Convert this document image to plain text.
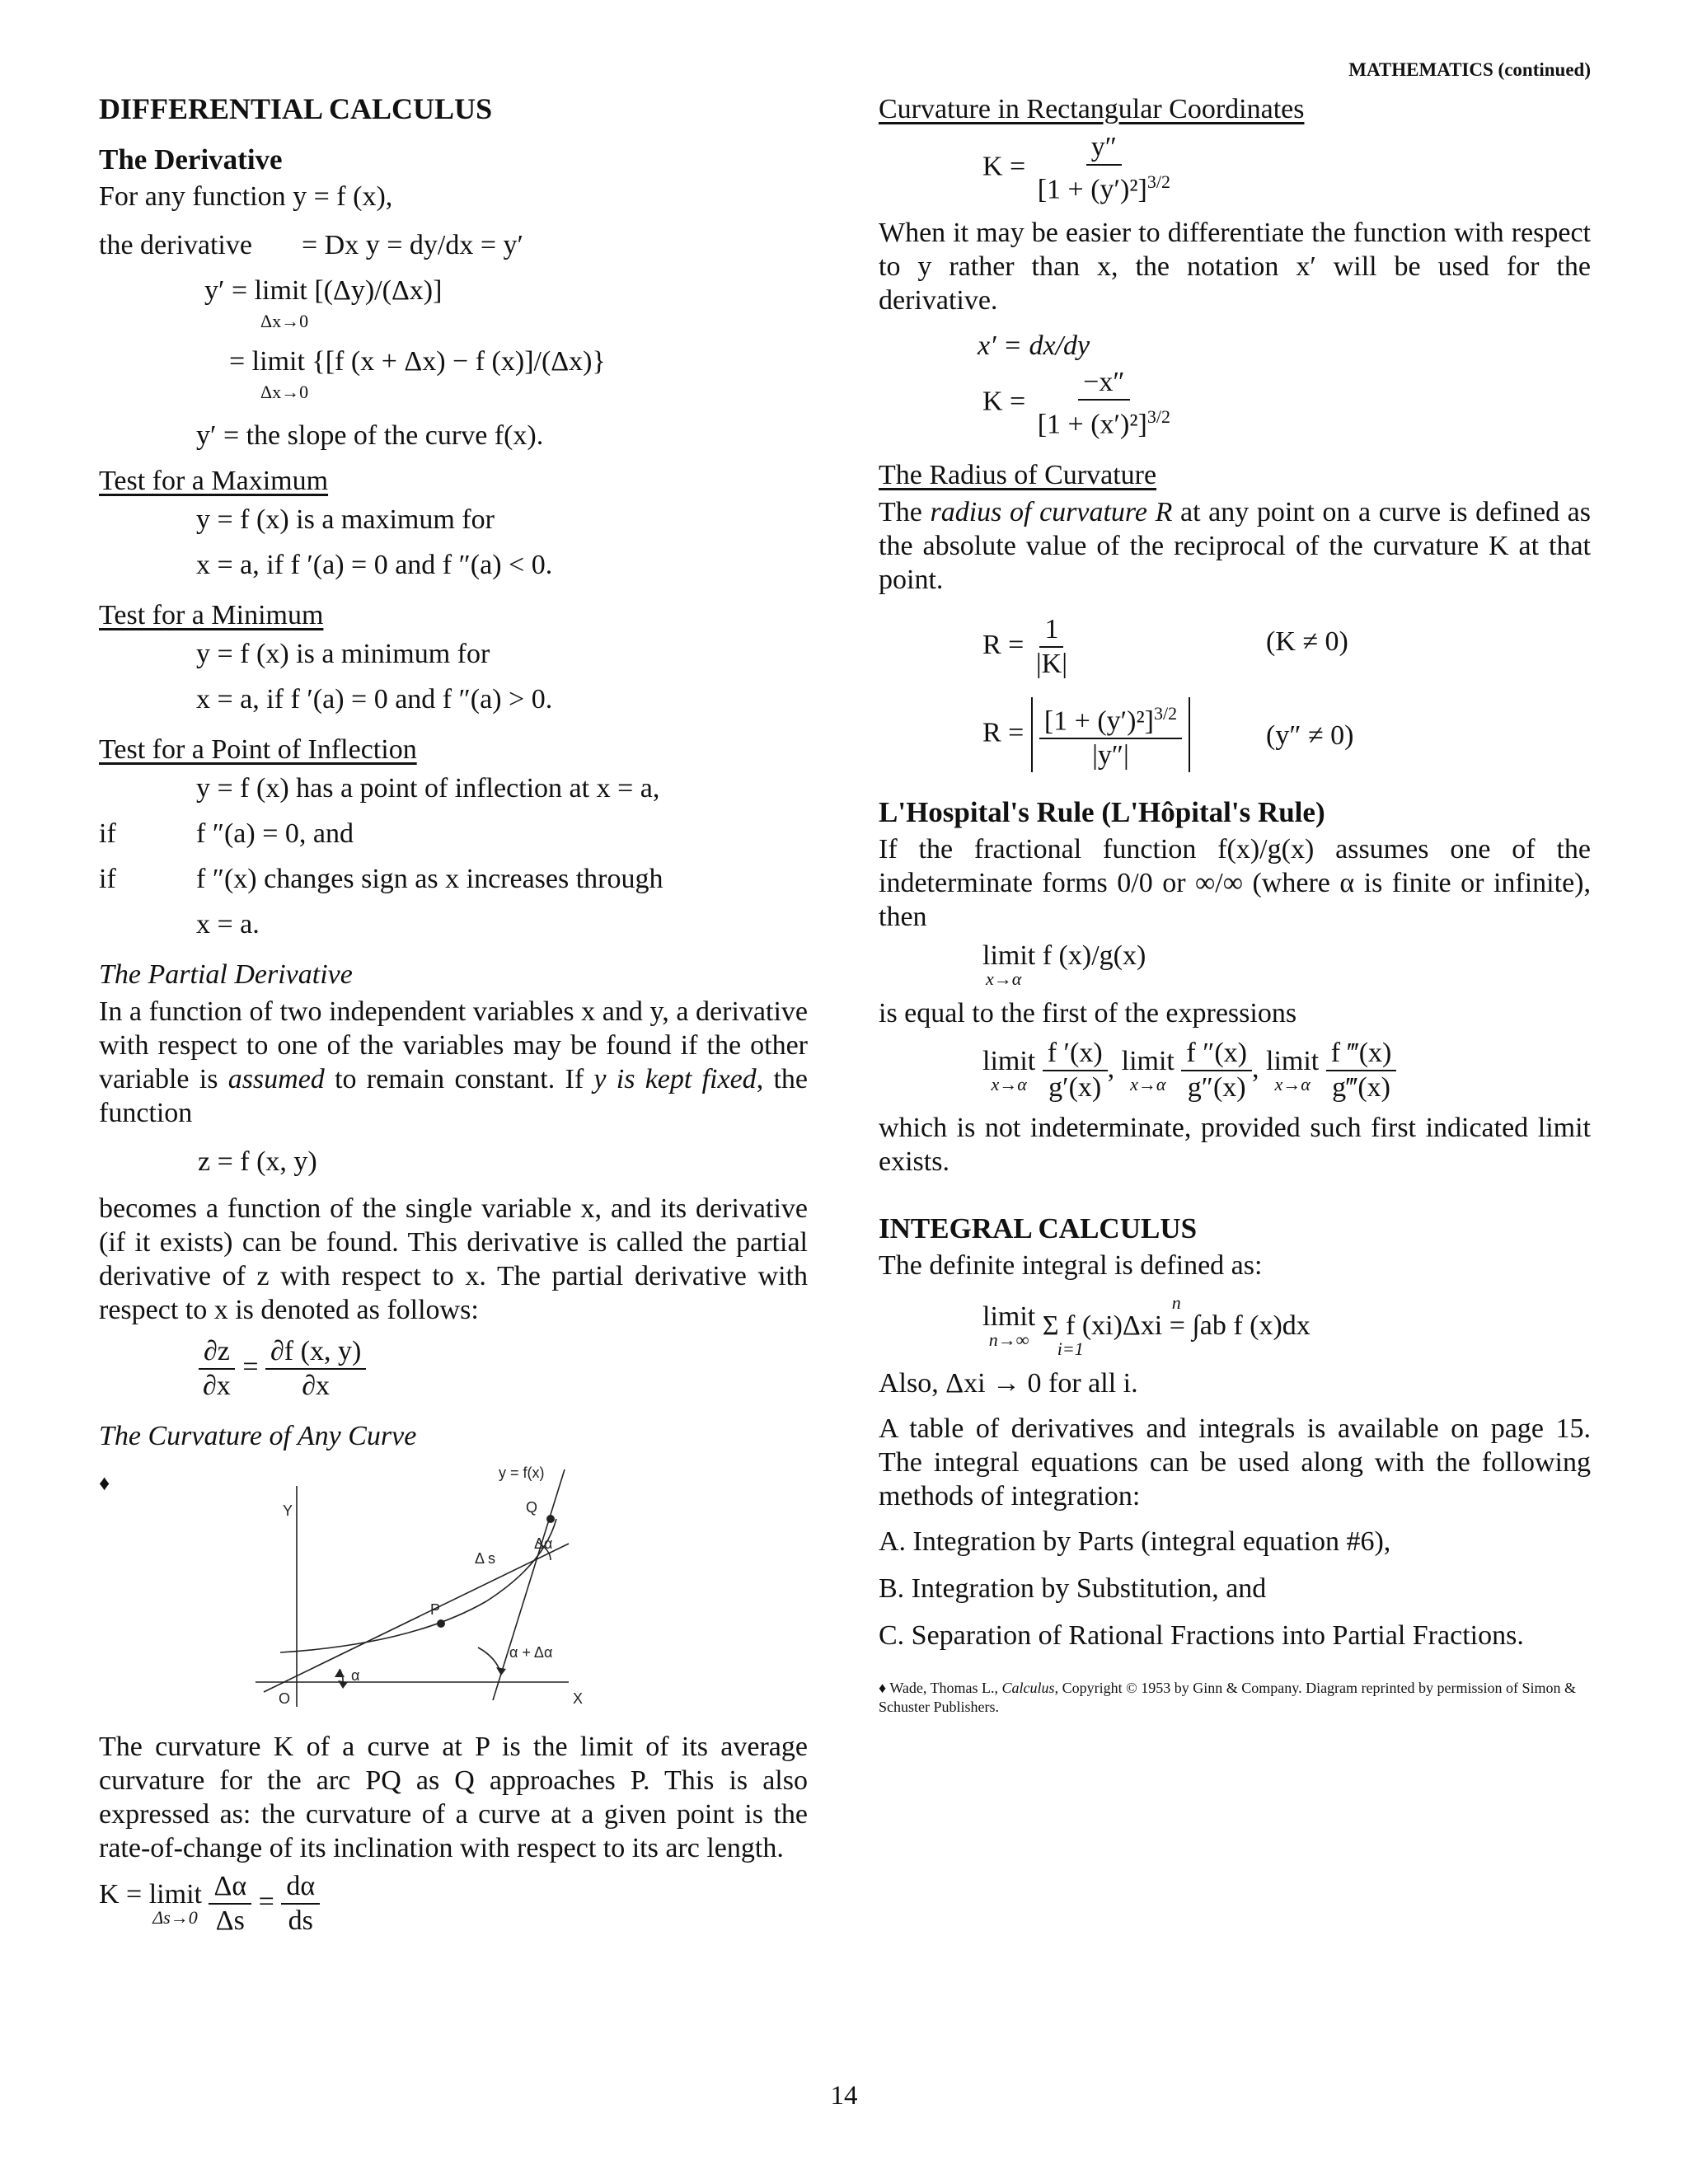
MATHEMATICS (continued)
DIFFERENTIAL CALCULUS
The Derivative
For any function y = f (x),
the derivative = Dx y = dy/dx = y′
y′ = limit [(Δy)/(Δx)]
Δx→0
= limit {[f (x + Δx) − f (x)]/(Δx)}
Δx→0
y′ = the slope of the curve f(x).
Test for a Maximum
y = f (x) is a maximum for
x = a, if f ′(a) = 0 and f ″(a) < 0.
Test for a Minimum
y = f (x) is a minimum for
x = a, if f ′(a) = 0 and f ″(a) > 0.
Test for a Point of Inflection
y = f (x) has a point of inflection at x = a,
if	f ″(a) = 0, and
if	f ″(x) changes sign as x increases through
x = a.
The Partial Derivative
In a function of two independent variables x and y, a derivative with respect to one of the variables may be found if the other variable is assumed to remain constant. If y is kept fixed, the function
z = f (x, y)
becomes a function of the single variable x, and its derivative (if it exists) can be found. This derivative is called the partial derivative of z with respect to x. The partial derivative with respect to x is denoted as follows:
$\frac{\partial z}{\partial x} = \frac{\partial f (x, y)}{\partial x}$
The Curvature of Any Curve
♦
Y
X
O
y = f(x)
P
Q
Δ s
Δα
α
α + Δα
The curvature K of a curve at P is the limit of its average curvature for the arc PQ as Q approaches P. This is also expressed as: the curvature of a curve at a given point is the rate-of-change of its inclination with respect to its arc length.
K = limit
Δs→0
$\frac{\Delta\alpha}{\Delta s} = \frac{d\alpha}{ds}$
Curvature in Rectangular Coordinates
$K = \frac{y''}{[1 + (y')^2]^{3/2}}$
When it may be easier to differentiate the function with respect to y rather than x, the notation x′ will be used for the derivative.
x′ = dx/dy
$K = \frac{-x''}{[1 + (x')^2]^{3/2}}$
The Radius of Curvature
The radius of curvature R at any point on a curve is defined as the absolute value of the reciprocal of the curvature K at that point.
$R = \frac{1}{|K|}$	(K ≠ 0)
$R = \frac{[1 + (y')^2]^{3/2}}{|y''|}$	(y″ ≠ 0)
L'Hospital's Rule (L'Hôpital's Rule)
If the fractional function f(x)/g(x) assumes one of the indeterminate forms 0/0 or ∞/∞ (where α is finite or infinite), then
limit f (x)/g(x)
x→α
is equal to the first of the expressions
limit
x→α
$\frac{f '(x)}{g'(x)}$ , limit
x→α
$\frac{f ''(x)}{g''(x)}$ , limit
x→α
$\frac{f ‴(x)}{g‴(x)}$
which is not indeterminate, provided such first indicated limit exists.
INTEGRAL CALCULUS
The definite integral is defined as:
limit
n→∞

n
Σ f (xi)Δxi = ∫ab f (x)dx
i=1
Also, Δxi → 0 for all i.
A table of derivatives and integrals is available on page 15. The integral equations can be used along with the following methods of integration:
A. Integration by Parts (integral equation #6),
B. Integration by Substitution, and
C. Separation of Rational Fractions into Partial Fractions.
♦ Wade, Thomas L., Calculus, Copyright © 1953 by Ginn & Company. Diagram reprinted by permission of Simon & Schuster Publishers.
14
